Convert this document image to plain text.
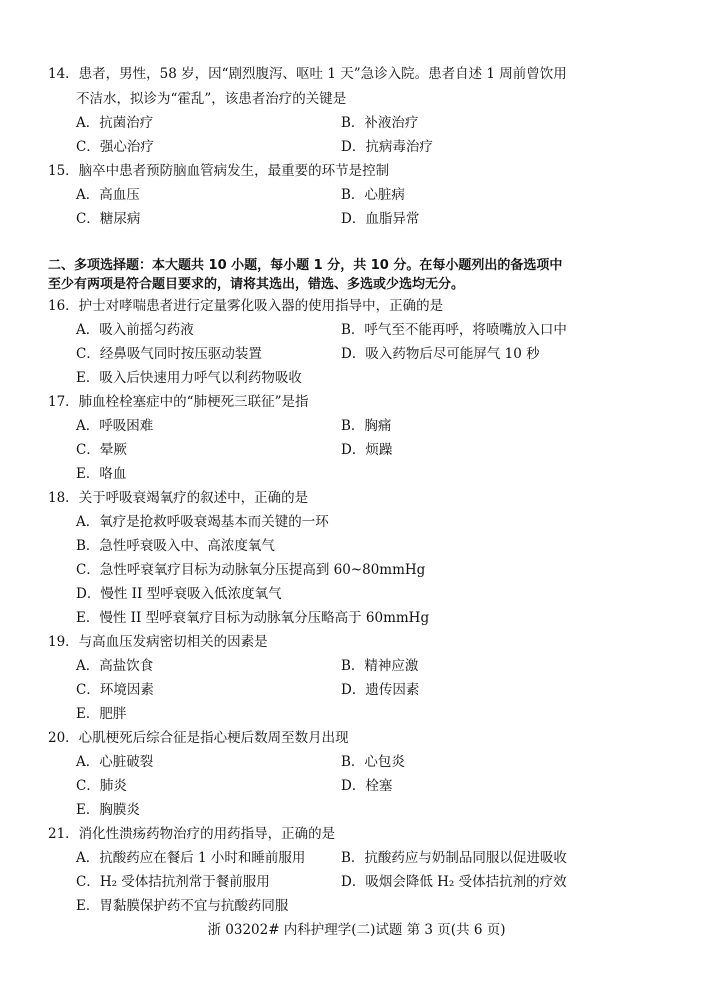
14．患者，男性，58 岁，因“剧烈腹泻、呕吐 1 天”急诊入院。患者自述 1 周前曾饮用
不洁水，拟诊为“霍乱”，该患者治疗的关键是
A．抗菌治疗	B．补液治疗
C．强心治疗	D．抗病毒治疗
15．脑卒中患者预防脑血管病发生，最重要的环节是控制
A．高血压	B．心脏病
C．糖尿病	D．血脂异常
二、多项选择题：本大题共 10 小题，每小题 1 分，共 10 分。在每小题列出的备选项中
至少有两项是符合题目要求的，请将其选出，错选、多选或少选均无分。
16．护士对哮喘患者进行定量雾化吸入器的使用指导中，正确的是
A．吸入前摇匀药液	B．呼气至不能再呼，将喷嘴放入口中
C．经鼻吸气同时按压驱动装置	D．吸入药物后尽可能屏气 10 秒
E．吸入后快速用力呼气以利药物吸收
17．肺血栓栓塞症中的“肺梗死三联征”是指
A．呼吸困难	B．胸痛
C．晕厥	D．烦躁
E．咯血
18．关于呼吸衰竭氧疗的叙述中，正确的是
A．氧疗是抢救呼吸衰竭基本而关键的一环
B．急性呼衰吸入中、高浓度氧气
C．急性呼衰氧疗目标为动脉氧分压提高到 60~80mmHg
D．慢性 II 型呼衰吸入低浓度氧气
E．慢性 II 型呼衰氧疗目标为动脉氧分压略高于 60mmHg
19．与高血压发病密切相关的因素是
A．高盐饮食	B．精神应激
C．环境因素	D．遗传因素
E．肥胖
20．心肌梗死后综合征是指心梗后数周至数月出现
A．心脏破裂	B．心包炎
C．肺炎	D．栓塞
E．胸膜炎
21．消化性溃疡药物治疗的用药指导，正确的是
A．抗酸药应在餐后 1 小时和睡前服用	B．抗酸药应与奶制品同服以促进吸收
C．H₂ 受体拮抗剂常于餐前服用	D．吸烟会降低 H₂ 受体拮抗剂的疗效
E．胃黏膜保护药不宜与抗酸药同服
浙 03202# 内科护理学(二)试题 第 3 页(共 6 页)
